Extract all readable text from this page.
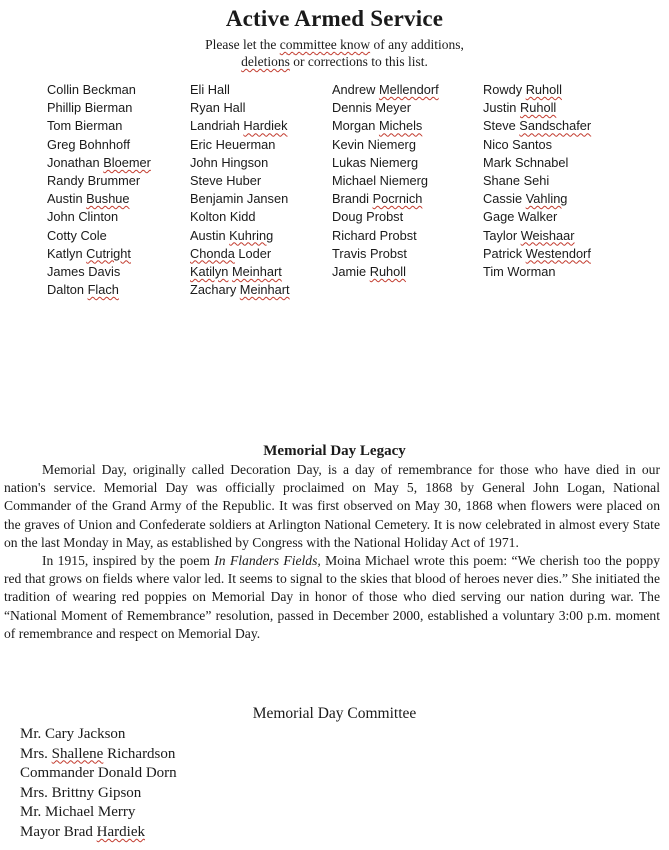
Active Armed Service
Please let the committee know of any additions,
deletions or corrections to this list.
Collin Beckman
Phillip Bierman
Tom Bierman
Greg Bohnhoff
Jonathan Bloemer
Randy Brummer
Austin Bushue
John Clinton
Cotty Cole
Katlyn Cutright
James Davis
Dalton Flach
Eli Hall
Ryan Hall
Landriah Hardiek
Eric Heuerman
John Hingson
Steve Huber
Benjamin Jansen
Kolton Kidd
Austin Kuhring
Chonda Loder
Katilyn Meinhart
Zachary Meinhart
Andrew Mellendorf
Dennis Meyer
Morgan Michels
Kevin Niemerg
Lukas Niemerg
Michael Niemerg
Brandi Pocrnich
Doug Probst
Richard Probst
Travis Probst
Jamie Ruholl
Rowdy Ruholl
Justin Ruholl
Steve Sandschafer
Nico Santos
Mark Schnabel
Shane Sehi
Cassie Vahling
Gage Walker
Taylor Weishaar
Patrick Westendorf
Tim Worman
Memorial Day Legacy

Memorial Day, originally called Decoration Day, is a day of remembrance for those who have died in our nation's service. Memorial Day was officially proclaimed on May 5, 1868 by General John Logan, National Commander of the Grand Army of the Republic. It was first observed on May 30, 1868 when flowers were placed on the graves of Union and Confederate soldiers at Arlington National Cemetery. It is now celebrated in almost every State on the last Monday in May, as established by Congress with the National Holiday Act of 1971.

In 1915, inspired by the poem In Flanders Fields, Moina Michael wrote this poem: “We cherish too the poppy red that grows on fields where valor led. It seems to signal to the skies that blood of heroes never dies.” She initiated the tradition of wearing red poppies on Memorial Day in honor of those who died serving our nation during war. The “National Moment of Remembrance” resolution, passed in December 2000, established a voluntary 3:00 p.m. moment of remembrance and respect on Memorial Day.

Memorial Day Committee
Mr. Cary Jackson
Mrs. Shallene Richardson
Commander Donald Dorn
Mrs. Brittny Gipson
Mr. Michael Merry
Mayor Brad Hardiek
